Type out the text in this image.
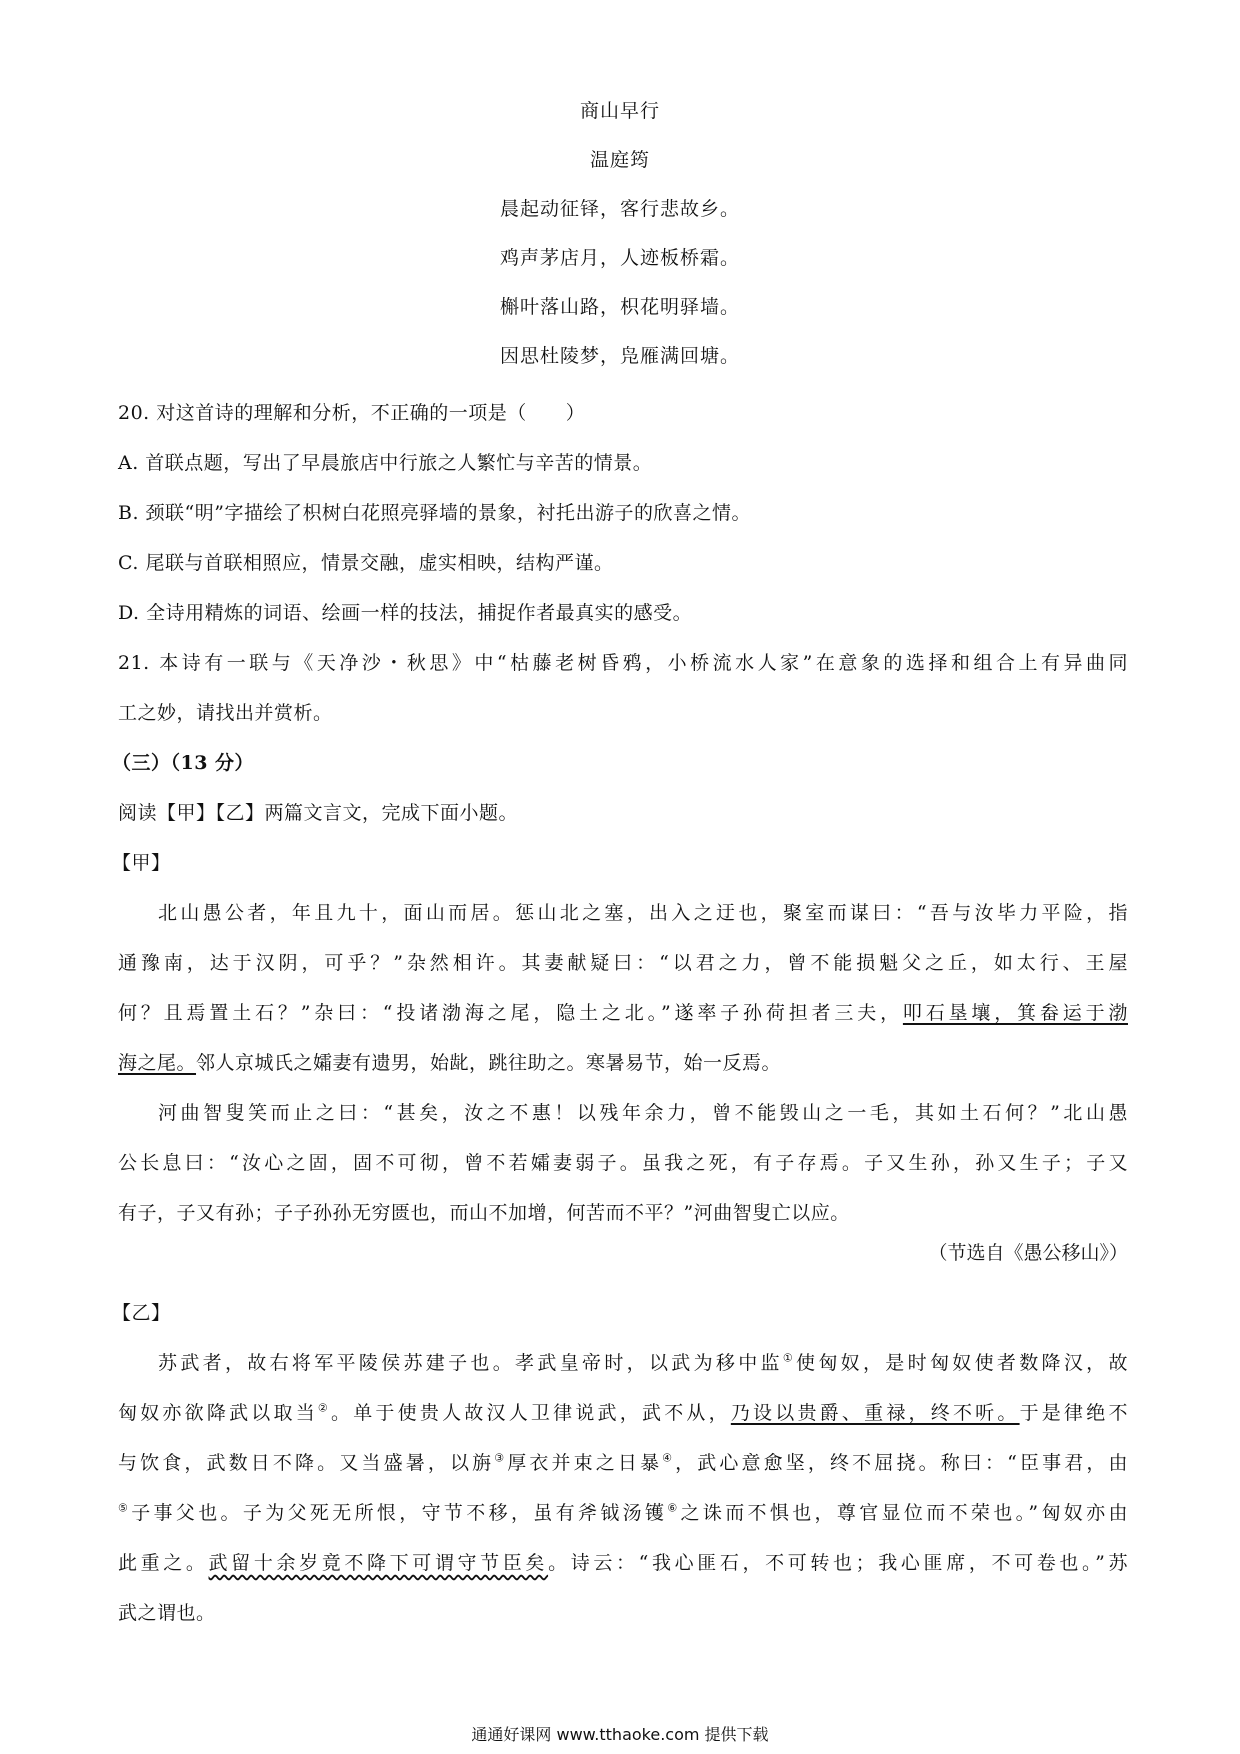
商山早行
温庭筠
晨起动征铎，客行悲故乡。
鸡声茅店月，人迹板桥霜。
槲叶落山路，枳花明驿墙。
因思杜陵梦，凫雁满回塘。
20. 对这首诗的理解和分析，不正确的一项是（　　）
A. 首联点题，写出了早晨旅店中行旅之人繁忙与辛苦的情景。
B. 颈联“明”字描绘了枳树白花照亮驿墙的景象，衬托出游子的欣喜之情。
C. 尾联与首联相照应，情景交融，虚实相映，结构严谨。
D. 全诗用精炼的词语、绘画一样的技法，捕捉作者最真实的感受。
21. 本诗有一联与《天净沙・秋思》中“枯藤老树昏鸦，小桥流水人家”在意象的选择和组合上有异曲同
工之妙，请找出并赏析。
（三）（13 分）
阅读【甲】【乙】两篇文言文，完成下面小题。
【甲】
北山愚公者，年且九十，面山而居。惩山北之塞，出入之迂也，聚室而谋曰：“吾与汝毕力平险，指
通豫南，达于汉阴，可乎？”杂然相许。其妻献疑曰：“以君之力，曾不能损魁父之丘，如太行、王屋
何？且焉置土石？”杂曰：“投诸渤海之尾，隐土之北。”遂率子孙荷担者三夫，叩石垦壤，箕畚运于渤
海之尾。邻人京城氏之孀妻有遗男，始龀，跳往助之。寒暑易节，始一反焉。
河曲智叟笑而止之曰：“甚矣，汝之不惠！以残年余力，曾不能毁山之一毛，其如土石何？”北山愚
公长息曰：“汝心之固，固不可彻，曾不若孀妻弱子。虽我之死，有子存焉。子又生孙，孙又生子；子又
有子，子又有孙；子子孙孙无穷匮也，而山不加增，何苦而不平？”河曲智叟亡以应。
（节选自《愚公移山》）
【乙】
苏武者，故右将军平陵侯苏建子也。孝武皇帝时，以武为移中监①使匈奴，是时匈奴使者数降汉，故
匈奴亦欲降武以取当②。单于使贵人故汉人卫律说武，武不从，乃设以贵爵、重禄，终不听。于是律绝不
与饮食，武数日不降。又当盛暑，以旃③厚衣并束之日暴④，武心意愈坚，终不屈挠。称曰：“臣事君，由
⑤子事父也。子为父死无所恨，守节不移，虽有斧钺汤镬⑥之诛而不惧也，尊官显位而不荣也。”匈奴亦由
此重之。武留十余岁竟不降下可谓守节臣矣。诗云：“我心匪石，不可转也；我心匪席，不可卷也。”苏
武之谓也。
通通好课网 www.tthaoke.com 提供下载
